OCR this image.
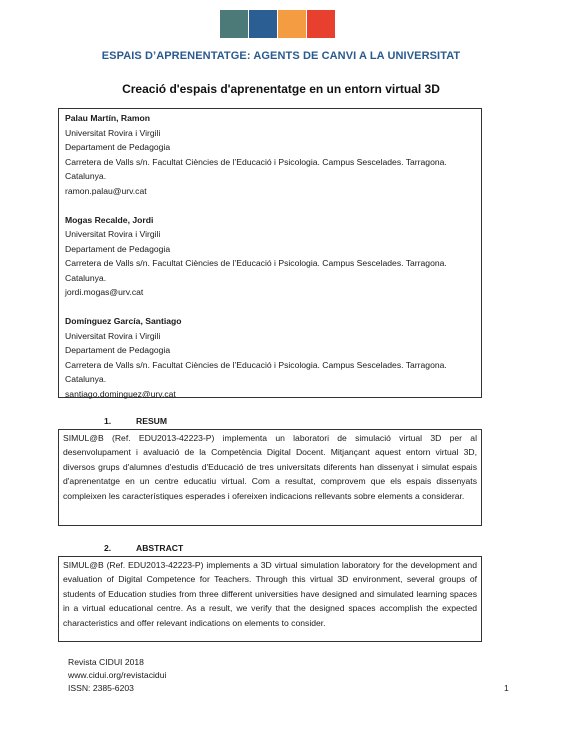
ESPAIS D’APRENENTATGE: AGENTS DE CANVI A LA UNIVERSITAT
Creació d'espais d'aprenentatge en un entorn virtual 3D
Palau Martín, Ramon
Universitat Rovira i Virgili
Departament de Pedagogia
Carretera de Valls s/n. Facultat Ciències de l’Educació i Psicologia. Campus Sescelades. Tarragona.
Catalunya.
ramon.palau@urv.cat
Mogas Recalde, Jordi
Universitat Rovira i Virgili
Departament de Pedagogia
Carretera de Valls s/n. Facultat Ciències de l’Educació i Psicologia. Campus Sescelades. Tarragona.
Catalunya.
jordi.mogas@urv.cat
Domínguez García, Santiago
Universitat Rovira i Virgili
Departament de Pedagogia
Carretera de Valls s/n. Facultat Ciències de l’Educació i Psicologia. Campus Sescelades. Tarragona.
Catalunya.
santiago.dominguez@urv.cat
1.	RESUM
SIMUL@B (Ref. EDU2013-42223-P) implementa un laboratori de simulació virtual 3D per al desenvolupament i avaluació de la Competència Digital Docent. Mitjançant aquest entorn virtual 3D, diversos grups d'alumnes d'estudis d'Educació de tres universitats diferents han dissenyat i simulat espais d'aprenentatge en un centre educatiu virtual. Com a resultat, comprovem que els espais dissenyats compleixen les característiques esperades i ofereixen indicacions rellevants sobre elements a considerar.
2.	ABSTRACT
SIMUL@B (Ref. EDU2013-42223-P) implements a 3D virtual simulation laboratory for the development and evaluation of Digital Competence for Teachers. Through this virtual 3D environment, several groups of students of Education studies from three different universities have designed and simulated learning spaces in a virtual educational centre. As a result, we verify that the designed spaces accomplish the expected characteristics and offer relevant indications on elements to consider.
Revista CIDUI 2018
www.cidui.org/revistacidui
ISSN: 2385-6203	1
